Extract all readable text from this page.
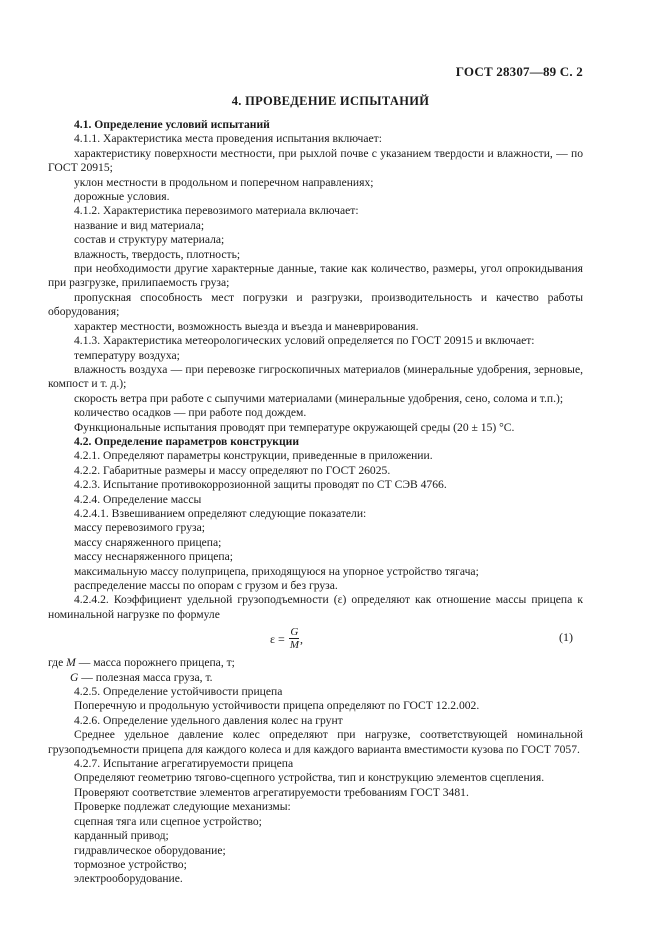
ГОСТ 28307—89 С. 2
4. ПРОВЕДЕНИЕ ИСПЫТАНИЙ
4.1. Определение условий испытаний
4.1.1. Характеристика места проведения испытания включает:
характеристику поверхности местности, при рыхлой почве с указанием твердости и влажности, — по ГОСТ 20915;
уклон местности в продольном и поперечном направлениях;
дорожные условия.
4.1.2. Характеристика перевозимого материала включает:
название и вид материала;
состав и структуру материала;
влажность, твердость, плотность;
при необходимости другие характерные данные, такие как количество, размеры, угол опрокидывания при разгрузке, прилипаемость груза;
пропускная способность мест погрузки и разгрузки, производительность и качество работы оборудования;
характер местности, возможность выезда и въезда и маневрирования.
4.1.3. Характеристика метеорологических условий определяется по ГОСТ 20915 и включает:
температуру воздуха;
влажность воздуха — при перевозке гигроскопичных материалов (минеральные удобрения, зерновые, компост и т. д.);
скорость ветра при работе с сыпучими материалами (минеральные удобрения, сено, солома и т.п.);
количество осадков — при работе под дождем.
Функциональные испытания проводят при температуре окружающей среды (20 ± 15) °С.
4.2. Определение параметров конструкции
4.2.1. Определяют параметры конструкции, приведенные в приложении.
4.2.2. Габаритные размеры и массу определяют по ГОСТ 26025.
4.2.3. Испытание противокоррозионной защиты проводят по СТ СЭВ 4766.
4.2.4. Определение массы
4.2.4.1. Взвешиванием определяют следующие показатели:
массу перевозимого груза;
массу снаряженного прицепа;
массу неснаряженного прицепа;
максимальную массу полуприцепа, приходящуюся на упорное устройство тягача;
распределение массы по опорам с грузом и без груза.
4.2.4.2. Коэффициент удельной грузоподъемности (ε) определяют как отношение массы прицепа к номинальной нагрузке по формуле
$\varepsilon = \frac{G}{M}$ ,	(1)
где M — масса порожнего прицепа, т;
G — полезная масса груза, т.
4.2.5. Определение устойчивости прицепа
Поперечную и продольную устойчивости прицепа определяют по ГОСТ 12.2.002.
4.2.6. Определение удельного давления колес на грунт
Среднее удельное давление колес определяют при нагрузке, соответствующей номинальной грузоподъемности прицепа для каждого колеса и для каждого варианта вместимости кузова по ГОСТ 7057.
4.2.7. Испытание агрегатируемости прицепа
Определяют геометрию тягово-сцепного устройства, тип и конструкцию элементов сцепления.
Проверяют соответствие элементов агрегатируемости требованиям ГОСТ 3481.
Проверке подлежат следующие механизмы:
сцепная тяга или сцепное устройство;
карданный привод;
гидравлическое оборудование;
тормозное устройство;
электрооборудование.
